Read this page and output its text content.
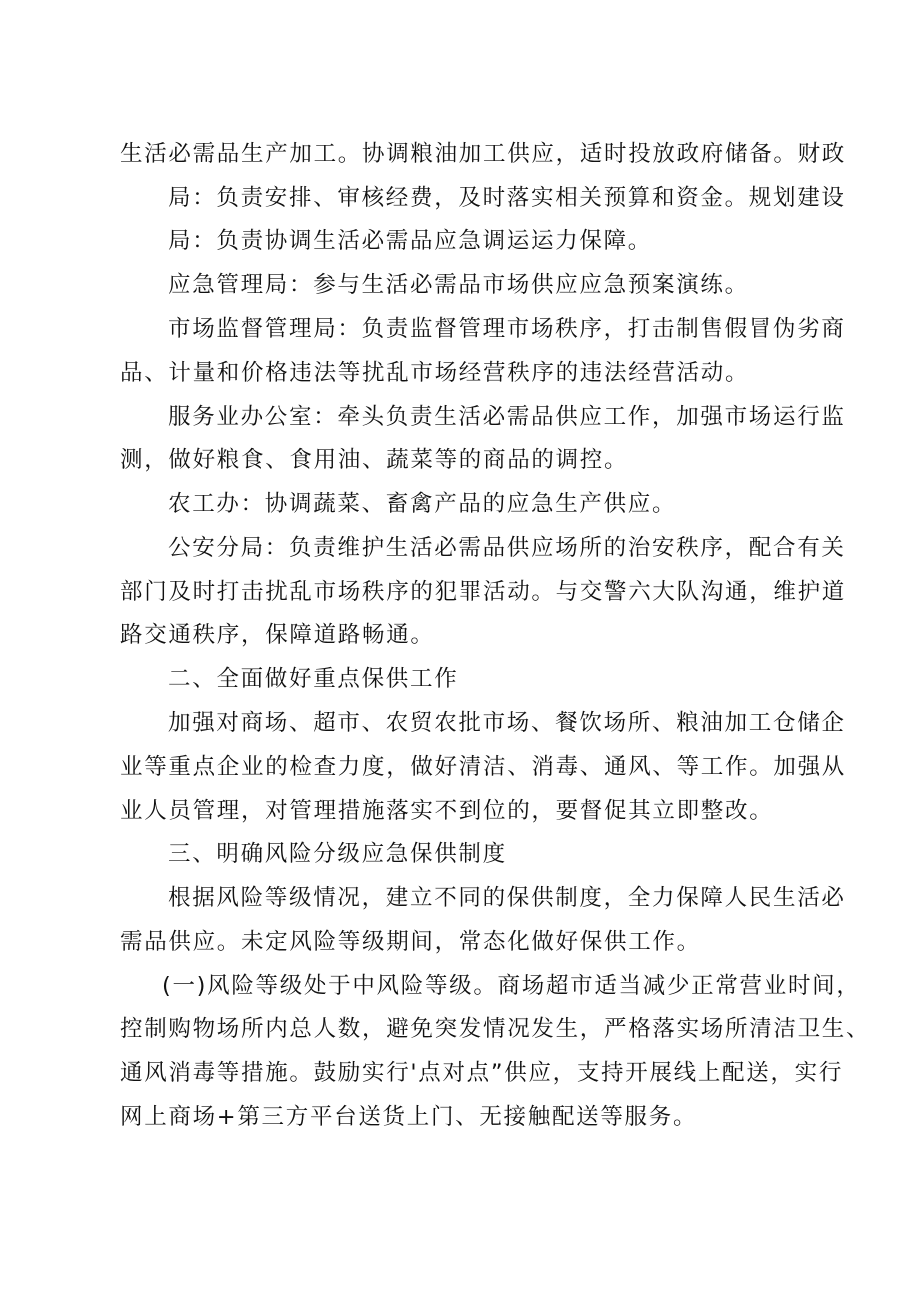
生活必需品生产加工。协调粮油加工供应，适时投放政府储备。财政
局：负责安排、审核经费，及时落实相关预算和资金。规划建设
局：负责协调生活必需品应急调运运力保障。
应急管理局：参与生活必需品市场供应应急预案演练。
市场监督管理局：负责监督管理市场秩序，打击制售假冒伪劣商
品、计量和价格违法等扰乱市场经营秩序的违法经营活动。
服务业办公室：牵头负责生活必需品供应工作，加强市场运行监
测，做好粮食、食用油、蔬菜等的商品的调控。
农工办：协调蔬菜、畜禽产品的应急生产供应。
公安分局：负责维护生活必需品供应场所的治安秩序，配合有关
部门及时打击扰乱市场秩序的犯罪活动。与交警六大队沟通，维护道
路交通秩序，保障道路畅通。
二、全面做好重点保供工作
加强对商场、超市、农贸农批市场、餐饮场所、粮油加工仓储企
业等重点企业的检查力度，做好清洁、消毒、通风、等工作。加强从
业人员管理，对管理措施落实不到位的，要督促其立即整改。
三、明确风险分级应急保供制度
根据风险等级情况，建立不同的保供制度，全力保障人民生活必
需品供应。未定风险等级期间，常态化做好保供工作。
(一)风险等级处于中风险等级。商场超市适当减少正常营业时间，
控制购物场所内总人数，避免突发情况发生，严格落实场所清洁卫生、
通风消毒等措施。鼓励实行'点对点”供应，支持开展线上配送，实行
网上商场+第三方平台送货上门、无接触配送等服务。
